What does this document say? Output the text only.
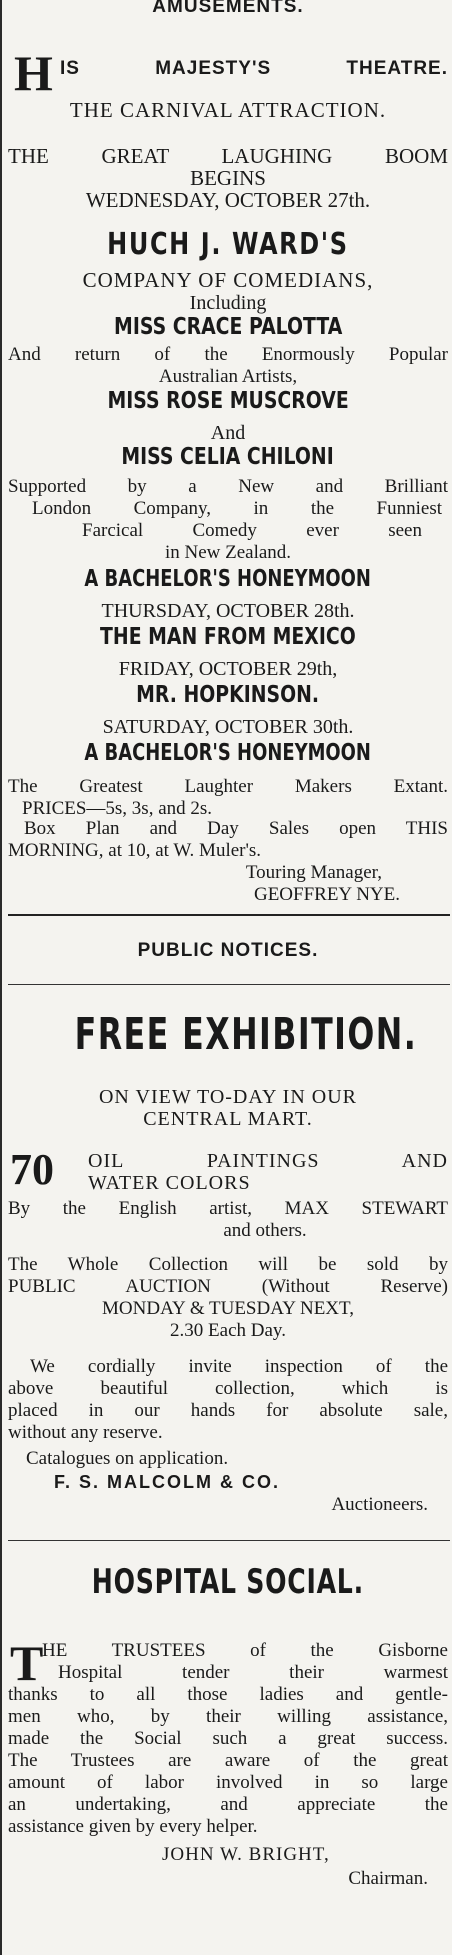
AMUSEMENTS.
H IS MAJESTY'S THEATRE.
THE CARNIVAL ATTRACTION.
THE GREAT LAUGHING BOOM
BEGINS
WEDNESDAY, OCTOBER 27th.
HUCH J. WARD'S
COMPANY OF COMEDIANS,
Including
MISS CRACE PALOTTA
And return of the Enormously Popular
Australian Artists,
MISS ROSE MUSCROVE
And
MISS CELIA CHILONI
Supported by a New and Brilliant
London Company, in the Funniest
Farcical Comedy ever seen
in New Zealand.
A BACHELOR'S HONEYMOON
THURSDAY, OCTOBER 28th.
THE MAN FROM MEXICO
FRIDAY, OCTOBER 29th,
MR. HOPKINSON.
SATURDAY, OCTOBER 30th.
A BACHELOR'S HONEYMOON
The Greatest Laughter Makers Extant.
PRICES—5s, 3s, and 2s.
Box Plan and Day Sales open THIS
MORNING, at 10, at W. Muler's.
Touring Manager,
GEOFFREY NYE.
PUBLIC NOTICES.
FREE EXHIBITION.
ON VIEW TO-DAY IN OUR
CENTRAL MART.
70	OIL PAINTINGS AND
WATER COLORS
By the English artist, MAX STEWART
and others.
The Whole Collection will be sold by
PUBLIC AUCTION (Without Reserve)
MONDAY & TUESDAY NEXT,
2.30 Each Day.
We cordially invite inspection of the
above beautiful collection, which is
placed in our hands for absolute sale,
without any reserve.
Catalogues on application.
F. S. MALCOLM & CO.
Auctioneers.
HOSPITAL SOCIAL.
T
HE TRUSTEES of the Gisborne
Hospital tender their warmest
thanks to all those ladies and gentle-
men who, by their willing assistance,
made the Social such a great success.
The Trustees are aware of the great
amount of labor involved in so large
an undertaking, and appreciate the
assistance given by every helper.
JOHN W. BRIGHT,
Chairman.
